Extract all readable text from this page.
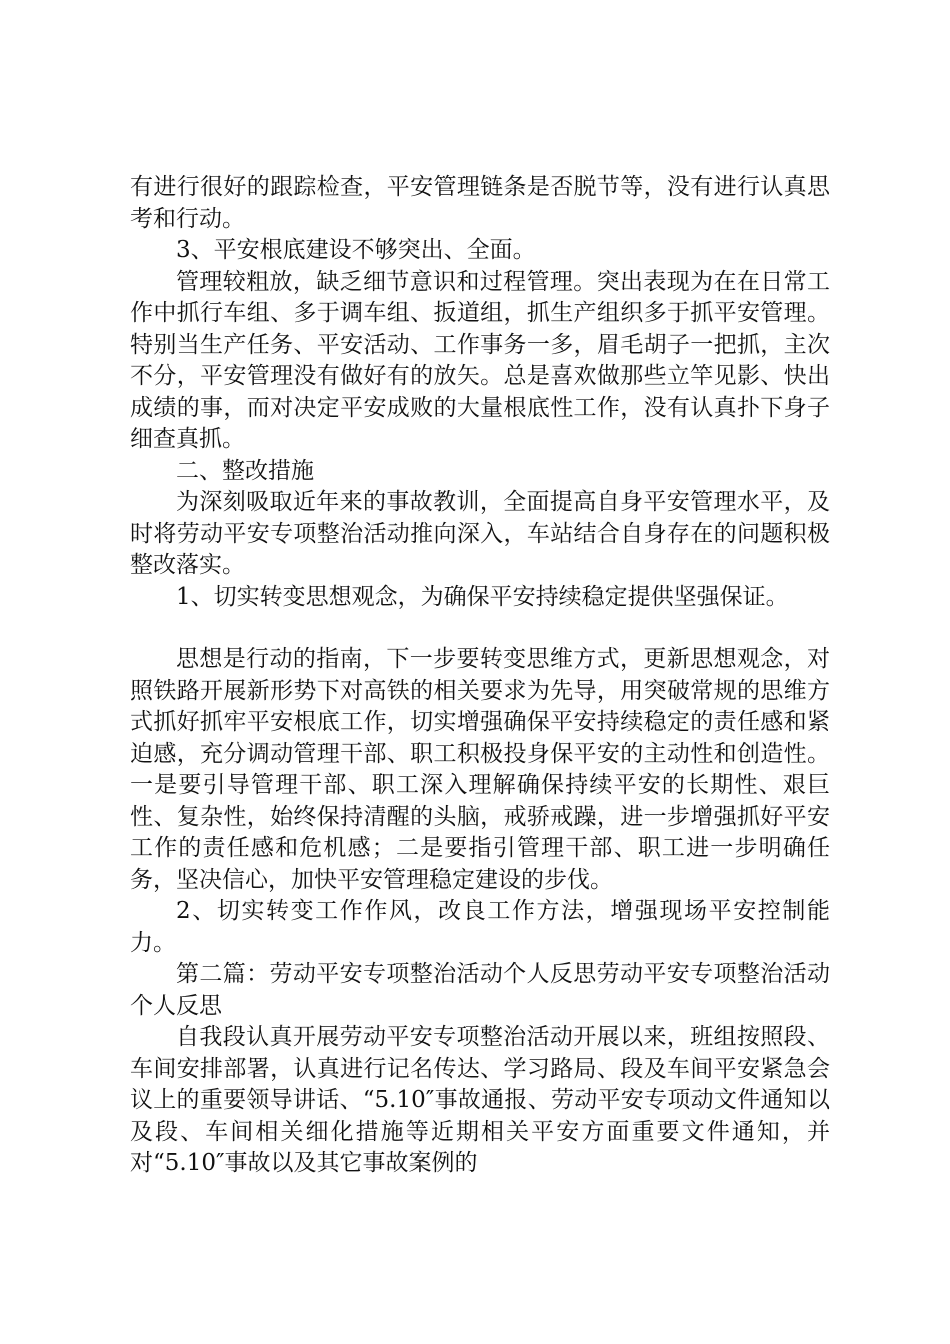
有进行很好的跟踪检查，平安管理链条是否脱节等，没有进行认真思考和行动。

3、平安根底建设不够突出、全面。

管理较粗放，缺乏细节意识和过程管理。突出表现为在在日常工作中抓行车组、多于调车组、扳道组，抓生产组织多于抓平安管理。特别当生产任务、平安活动、工作事务一多，眉毛胡子一把抓，主次不分，平安管理没有做好有的放矢。总是喜欢做那些立竿见影、快出成绩的事，而对决定平安成败的大量根底性工作，没有认真扑下身子细查真抓。

二、整改措施

为深刻吸取近年来的事故教训，全面提高自身平安管理水平，及时将劳动平安专项整治活动推向深入，车站结合自身存在的问题积极整改落实。

1、切实转变思想观念，为确保平安持续稳定提供坚强保证。

思想是行动的指南，下一步要转变思维方式，更新思想观念，对照铁路开展新形势下对高铁的相关要求为先导，用突破常规的思维方式抓好抓牢平安根底工作，切实增强确保平安持续稳定的责任感和紧迫感，充分调动管理干部、职工积极投身保平安的主动性和创造性。一是要引导管理干部、职工深入理解确保持续平安的长期性、艰巨性、复杂性，始终保持清醒的头脑，戒骄戒躁，进一步增强抓好平安工作的责任感和危机感；二是要指引管理干部、职工进一步明确任务，坚决信心，加快平安管理稳定建设的步伐。

2、切实转变工作作风，改良工作方法，增强现场平安控制能力。

第二篇：劳动平安专项整治活动个人反思劳动平安专项整治活动个人反思

自我段认真开展劳动平安专项整治活动开展以来，班组按照段、车间安排部署，认真进行记名传达、学习路局、段及车间平安紧急会议上的重要领导讲话、“5.10″事故通报、劳动平安专项动文件通知以及段、车间相关细化措施等近期相关平安方面重要文件通知，并对“5.10″事故以及其它事故案例的
